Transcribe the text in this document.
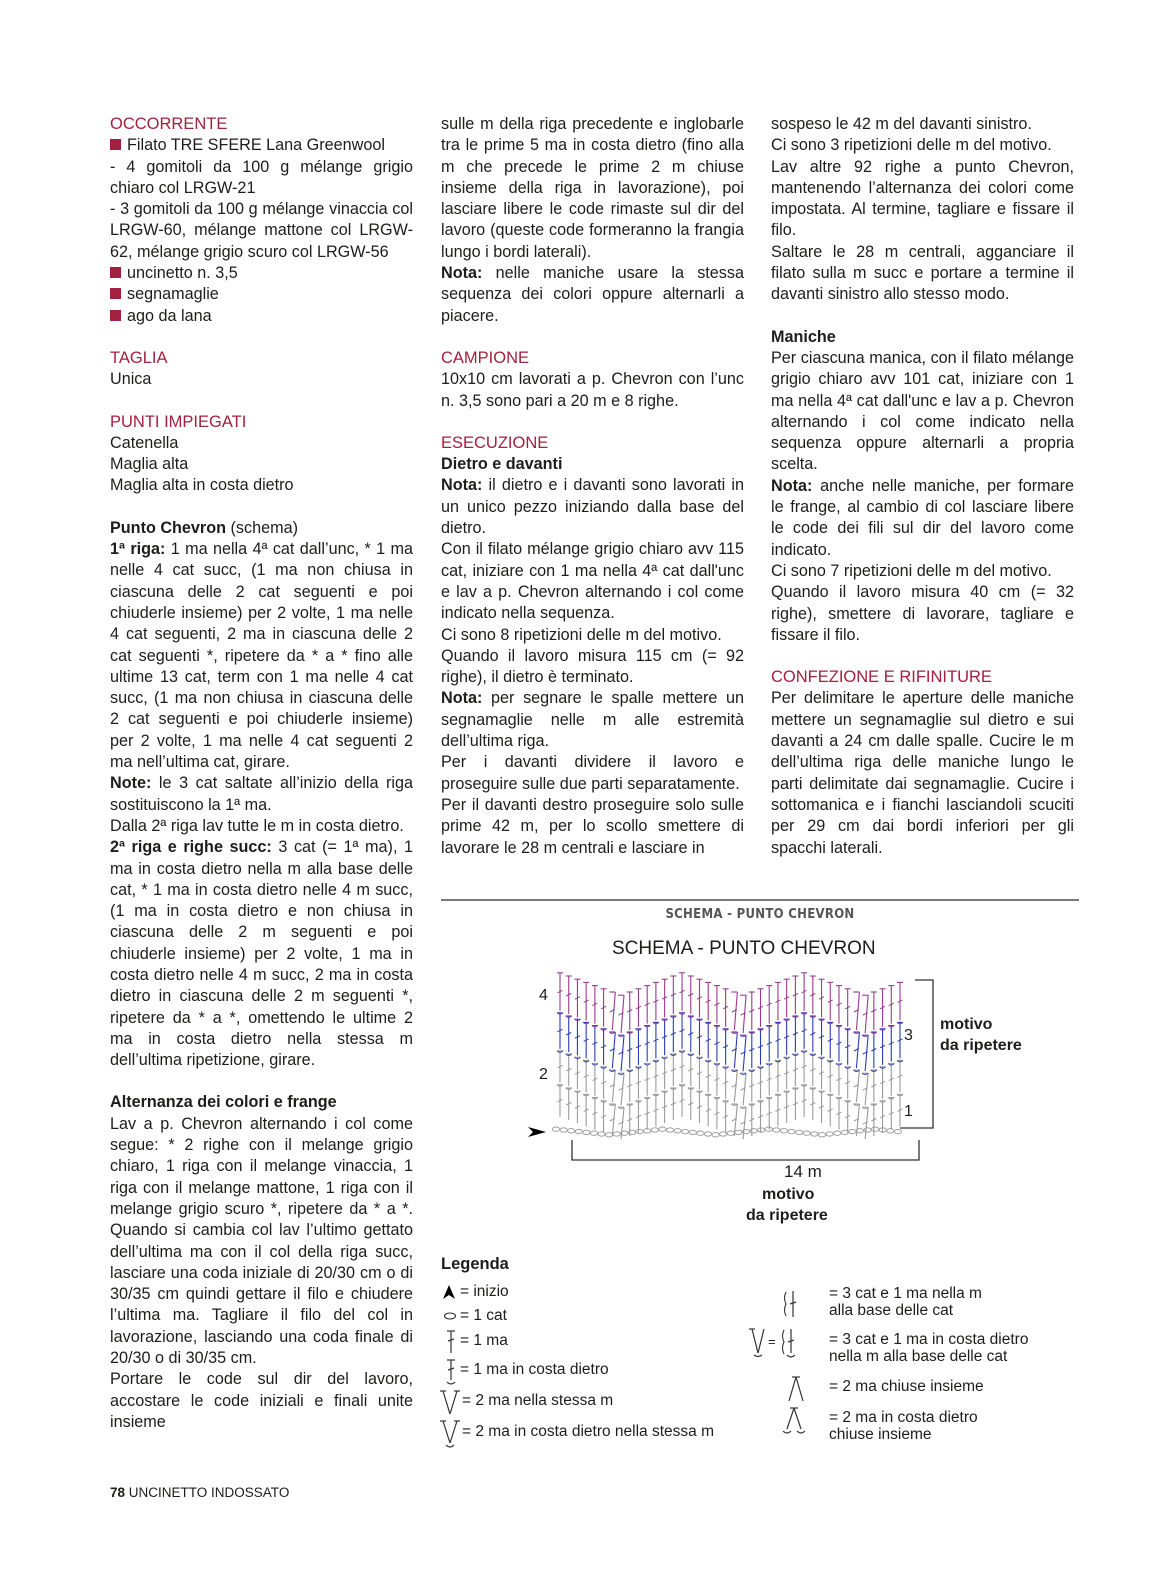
OCCORRENTE
Filato TRE SFERE Lana Greenwool
- 4 gomitoli da 100 g mélange grigio chiaro col LRGW-21
- 3 gomitoli da 100 g mélange vinaccia col LRGW-60, mélange mattone col LRGW-62, mélange grigio scuro col LRGW-56
uncinetto n. 3,5
segnamaglie
ago da lana
TAGLIA
Unica
PUNTI IMPIEGATI
Catenella
Maglia alta
Maglia alta in costa dietro

Punto Chevron (schema)

1ª riga: 1 ma nella 4ª cat dall’unc, * 1 ma nelle 4 cat succ, (1 ma non chiusa in ciascuna delle 2 cat seguenti e poi chiuderle insieme) per 2 volte, 1 ma nelle 4 cat seguenti, 2 ma in ciascuna delle 2 cat seguenti *, ripetere da * a * fino alle ultime 13 cat, term con 1 ma nelle 4 cat succ, (1 ma non chiusa in ciascuna delle 2 cat seguenti e poi chiuderle insieme) per 2 volte, 1 ma nelle 4 cat seguenti 2 ma nell’ultima cat, girare.

Note: le 3 cat saltate all’inizio della riga sostituiscono la 1ª ma.

Dalla 2ª riga lav tutte le m in costa dietro.

2ª riga e righe succ: 3 cat (= 1ª ma), 1 ma in costa dietro nella m alla base delle cat, * 1 ma in costa dietro nelle 4 m succ, (1 ma in costa dietro e non chiusa in ciascuna delle 2 m seguenti e poi chiuderle insieme) per 2 volte, 1 ma in costa dietro nelle 4 m succ, 2 ma in costa dietro in ciascuna delle 2 m seguenti *, ripetere da * a *, omettendo le ultime 2 ma in costa dietro nella stessa m dell’ultima ripetizione, girare.

Alternanza dei colori e frange

Lav a p. Chevron alternando i col come segue: * 2 righe con il melange grigio chiaro, 1 riga con il melange vinaccia, 1 riga con il melange mattone, 1 riga con il melange grigio scuro *, ripetere da * a *. Quando si cambia col lav l’ultimo gettato dell’ultima ma con il col della riga succ, lasciare una coda iniziale di 20/30 cm o di 30/35 cm quindi gettare il filo e chiudere l’ultima ma. Tagliare il filo del col in lavorazione, lasciando una coda finale di 20/30 o di 30/35 cm.

Portare le code sul dir del lavoro, accostare le code iniziali e finali unite insieme

sulle m della riga precedente e inglobarle tra le prime 5 ma in costa dietro (fino alla m che precede le prime 2 m chiuse insieme della riga in lavorazione), poi lasciare libere le code rimaste sul dir del lavoro (queste code formeranno la frangia lungo i bordi laterali).

Nota: nelle maniche usare la stessa sequenza dei colori oppure alternarli a piacere.

CAMPIONE

10x10 cm lavorati a p. Chevron con l’unc n. 3,5 sono pari a 20 m e 8 righe.

ESECUZIONE

Dietro e davanti

Nota: il dietro e i davanti sono lavorati in un unico pezzo iniziando dalla base del dietro.

Con il filato mélange grigio chiaro avv 115 cat, iniziare con 1 ma nella 4ª cat dall'unc e lav a p. Chevron alternando i col come indicato nella sequenza.

Ci sono 8 ripetizioni delle m del motivo.

Quando il lavoro misura 115 cm (= 92 righe), il dietro è terminato.

Nota: per segnare le spalle mettere un segnamaglie nelle m alle estremità dell’ultima riga.

Per i davanti dividere il lavoro e proseguire sulle due parti separatamente.

Per il davanti destro proseguire solo sulle prime 42 m, per lo scollo smettere di lavorare le 28 m centrali e lasciare in

sospeso le 42 m del davanti sinistro.

Ci sono 3 ripetizioni delle m del motivo.

Lav altre 92 righe a punto Chevron, mantenendo l’alternanza dei colori come impostata. Al termine, tagliare e fissare il filo.

Saltare le 28 m centrali, agganciare il filato sulla m succ e portare a termine il davanti sinistro allo stesso modo.

Maniche

Per ciascuna manica, con il filato mélange grigio chiaro avv 101 cat, iniziare con 1 ma nella 4ª cat dall'unc e lav a p. Chevron alternando i col come indicato nella sequenza oppure alternarli a propria scelta.

Nota: anche nelle maniche, per formare le frange, al cambio di col lasciare libere le code dei fili sul dir del lavoro come indicato.

Ci sono 7 ripetizioni delle m del motivo.

Quando il lavoro misura 40 cm (= 32 righe), smettere di lavorare, tagliare e fissare il filo.

CONFEZIONE E RIFINITURE

Per delimitare le aperture delle maniche mettere un segnamaglie sul dietro e sui davanti a 24 cm dalle spalle. Cucire le m dell’ultima riga delle maniche lungo le parti delimitate dai segnamaglie. Cucire i sottomanica e i fianchi lasciandoli scuciti per 29 cm dai bordi inferiori per gli spacchi laterali.

SCHEMA - PUNTO CHEVRON
SCHEMA - PUNTO CHEVRON
4
3
2
1
motivo
da ripetere
14 m
motivo
da ripetere
Legenda
= inizio
= 1 cat
= 1 ma
= 1 ma in costa dietro
= 2 ma nella stessa m
= 2 ma in costa dietro nella stessa m
= 3 cat e 1 ma nella m
alla base delle cat
=	= 3 cat e 1 ma in costa dietro
nella m alla base delle cat
= 2 ma chiuse insieme
= 2 ma in costa dietro
chiuse insieme
78 UNCINETTO INDOSSATO
